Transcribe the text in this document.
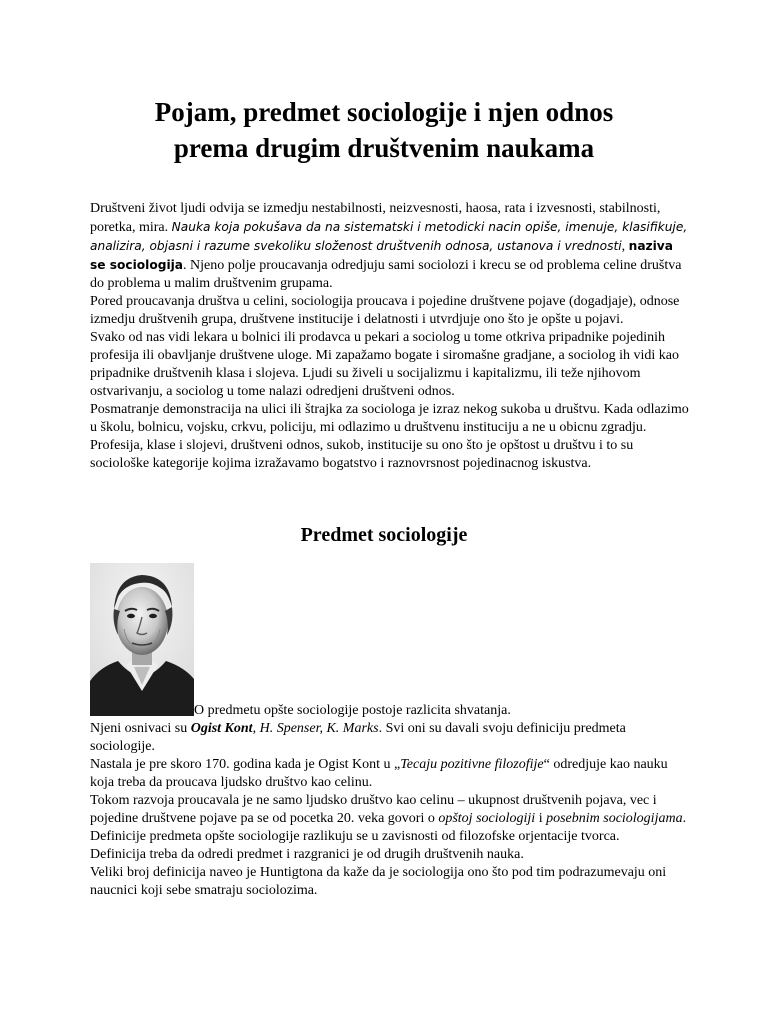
Pojam, predmet sociologije i njen odnos
prema drugim društvenim naukama

Društveni život ljudi odvija se izmedju nestabilnosti, neizvesnosti, haosa, rata i izvesnosti, stabilnosti, poretka, mira. Nauka koja pokušava da na sistematski i metodicki nacin opiše, imenuje, klasifikuje, analizira, objasni i razume svekoliku složenost društvenih odnosa, ustanova i vrednosti, naziva se sociologija. Njeno polje proucavanja odredjuju sami sociolozi i krecu se od problema celine društva do problema u malim društvenim grupama.

Pored proucavanja društva u celini, sociologija proucava i pojedine društvene pojave (dogadjaje), odnose izmedju društvenih grupa, društvene institucije i delatnosti i utvrdjuje ono što je opšte u pojavi.

Svako od nas vidi lekara u bolnici ili prodavca u pekari a sociolog u tome otkriva pripadnike pojedinih profesija ili obavljanje društvene uloge. Mi zapažamo bogate i siromašne gradjane, a sociolog ih vidi kao pripadnike društvenih klasa i slojeva. Ljudi su živeli u socijalizmu i kapitalizmu, ili teže njihovom ostvarivanju, a sociolog u tome nalazi odredjeni društveni odnos.

Posmatranje demonstracija na ulici ili štrajka za sociologa je izraz nekog sukoba u društvu. Kada odlazimo u školu, bolnicu, vojsku, crkvu, policiju, mi odlazimo u društvenu instituciju a ne u obicnu zgradju.

Profesija, klase i slojevi, društveni odnos, sukob, institucije su ono što je opštost u društvu i to su sociološke kategorije kojima izražavamo bogatstvo i raznovrsnost pojedinacnog iskustva.

Predmet sociologije

O predmetu opšte sociologije postoje razlicita shvatanja.

Njeni osnivaci su Ogist Kont, H. Spenser, K. Marks. Svi oni su davali svoju definiciju predmeta sociologije.

Nastala je pre skoro 170. godina kada je Ogist Kont u „Tecaju pozitivne filozofije“ odredjuje kao nauku koja treba da proucava ljudsko društvo kao celinu.

Tokom razvoja proucavala je ne samo ljudsko društvo kao celinu – ukupnost društvenih pojava, vec i pojedine društvene pojave pa se od pocetka 20. veka govori o opštoj sociologiji i posebnim sociologijama.

Definicije predmeta opšte sociologije razlikuju se u zavisnosti od filozofske orjentacije tvorca.

Definicija treba da odredi predmet i razgranici je od drugih društvenih nauka.

Veliki broj definicija naveo je Huntigtona da kaže da je sociologija ono što pod tim podrazumevaju oni naucnici koji sebe smatraju sociolozima.
